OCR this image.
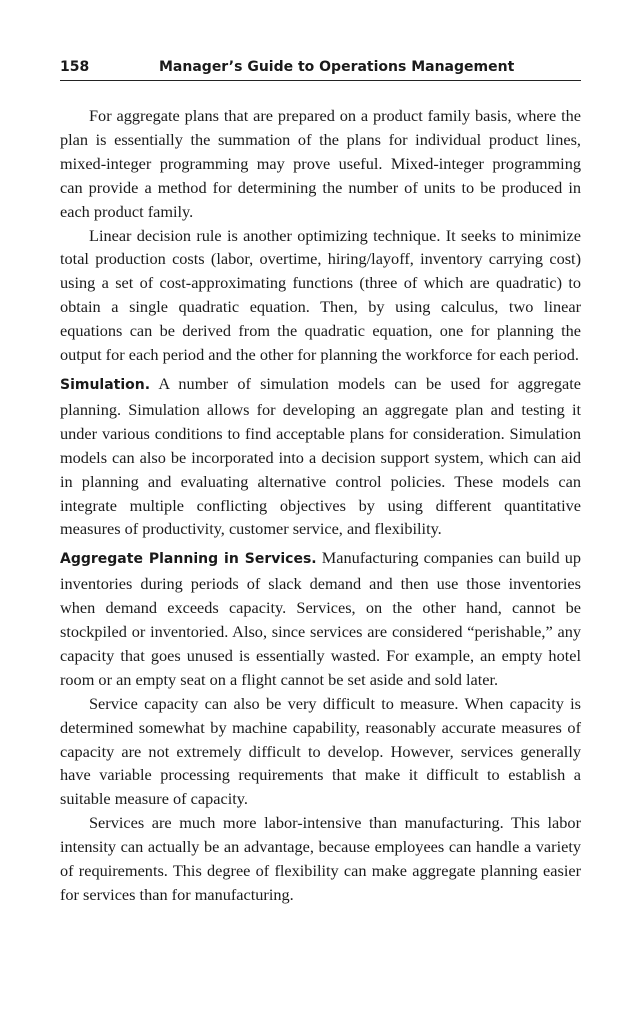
158	Manager’s Guide to Operations Management

For aggregate plans that are prepared on a product family basis, where the plan is essentially the summation of the plans for individual product lines, mixed-integer programming may prove useful. Mixed-integer programming can provide a method for determining the number of units to be produced in each product family.

Linear decision rule is another optimizing technique. It seeks to minimize total production costs (labor, overtime, hiring/layoff, inventory carrying cost) using a set of cost-approximating functions (three of which are quadratic) to obtain a single quadratic equation. Then, by using calculus, two linear equations can be derived from the quadratic equation, one for planning the output for each period and the other for planning the workforce for each period.

Simulation. A number of simulation models can be used for aggregate planning. Simulation allows for developing an aggregate plan and testing it under various conditions to find acceptable plans for consideration. Simulation models can also be incorporated into a decision support system, which can aid in planning and evaluating alternative control policies. These models can integrate multiple conflicting objectives by using different quantitative measures of productivity, customer service, and flexibility.

Aggregate Planning in Services. Manufacturing companies can build up inventories during periods of slack demand and then use those inventories when demand exceeds capacity. Services, on the other hand, cannot be stockpiled or inventoried. Also, since services are considered “perishable,” any capacity that goes unused is essentially wasted. For example, an empty hotel room or an empty seat on a flight cannot be set aside and sold later.

Service capacity can also be very difficult to measure. When capacity is determined somewhat by machine capability, reasonably accurate measures of capacity are not extremely difficult to develop. However, services generally have variable processing requirements that make it difficult to establish a suitable measure of capacity.

Services are much more labor-intensive than manufacturing. This labor intensity can actually be an advantage, because employees can handle a variety of requirements. This degree of flexibility can make aggregate planning easier for services than for manufacturing.
